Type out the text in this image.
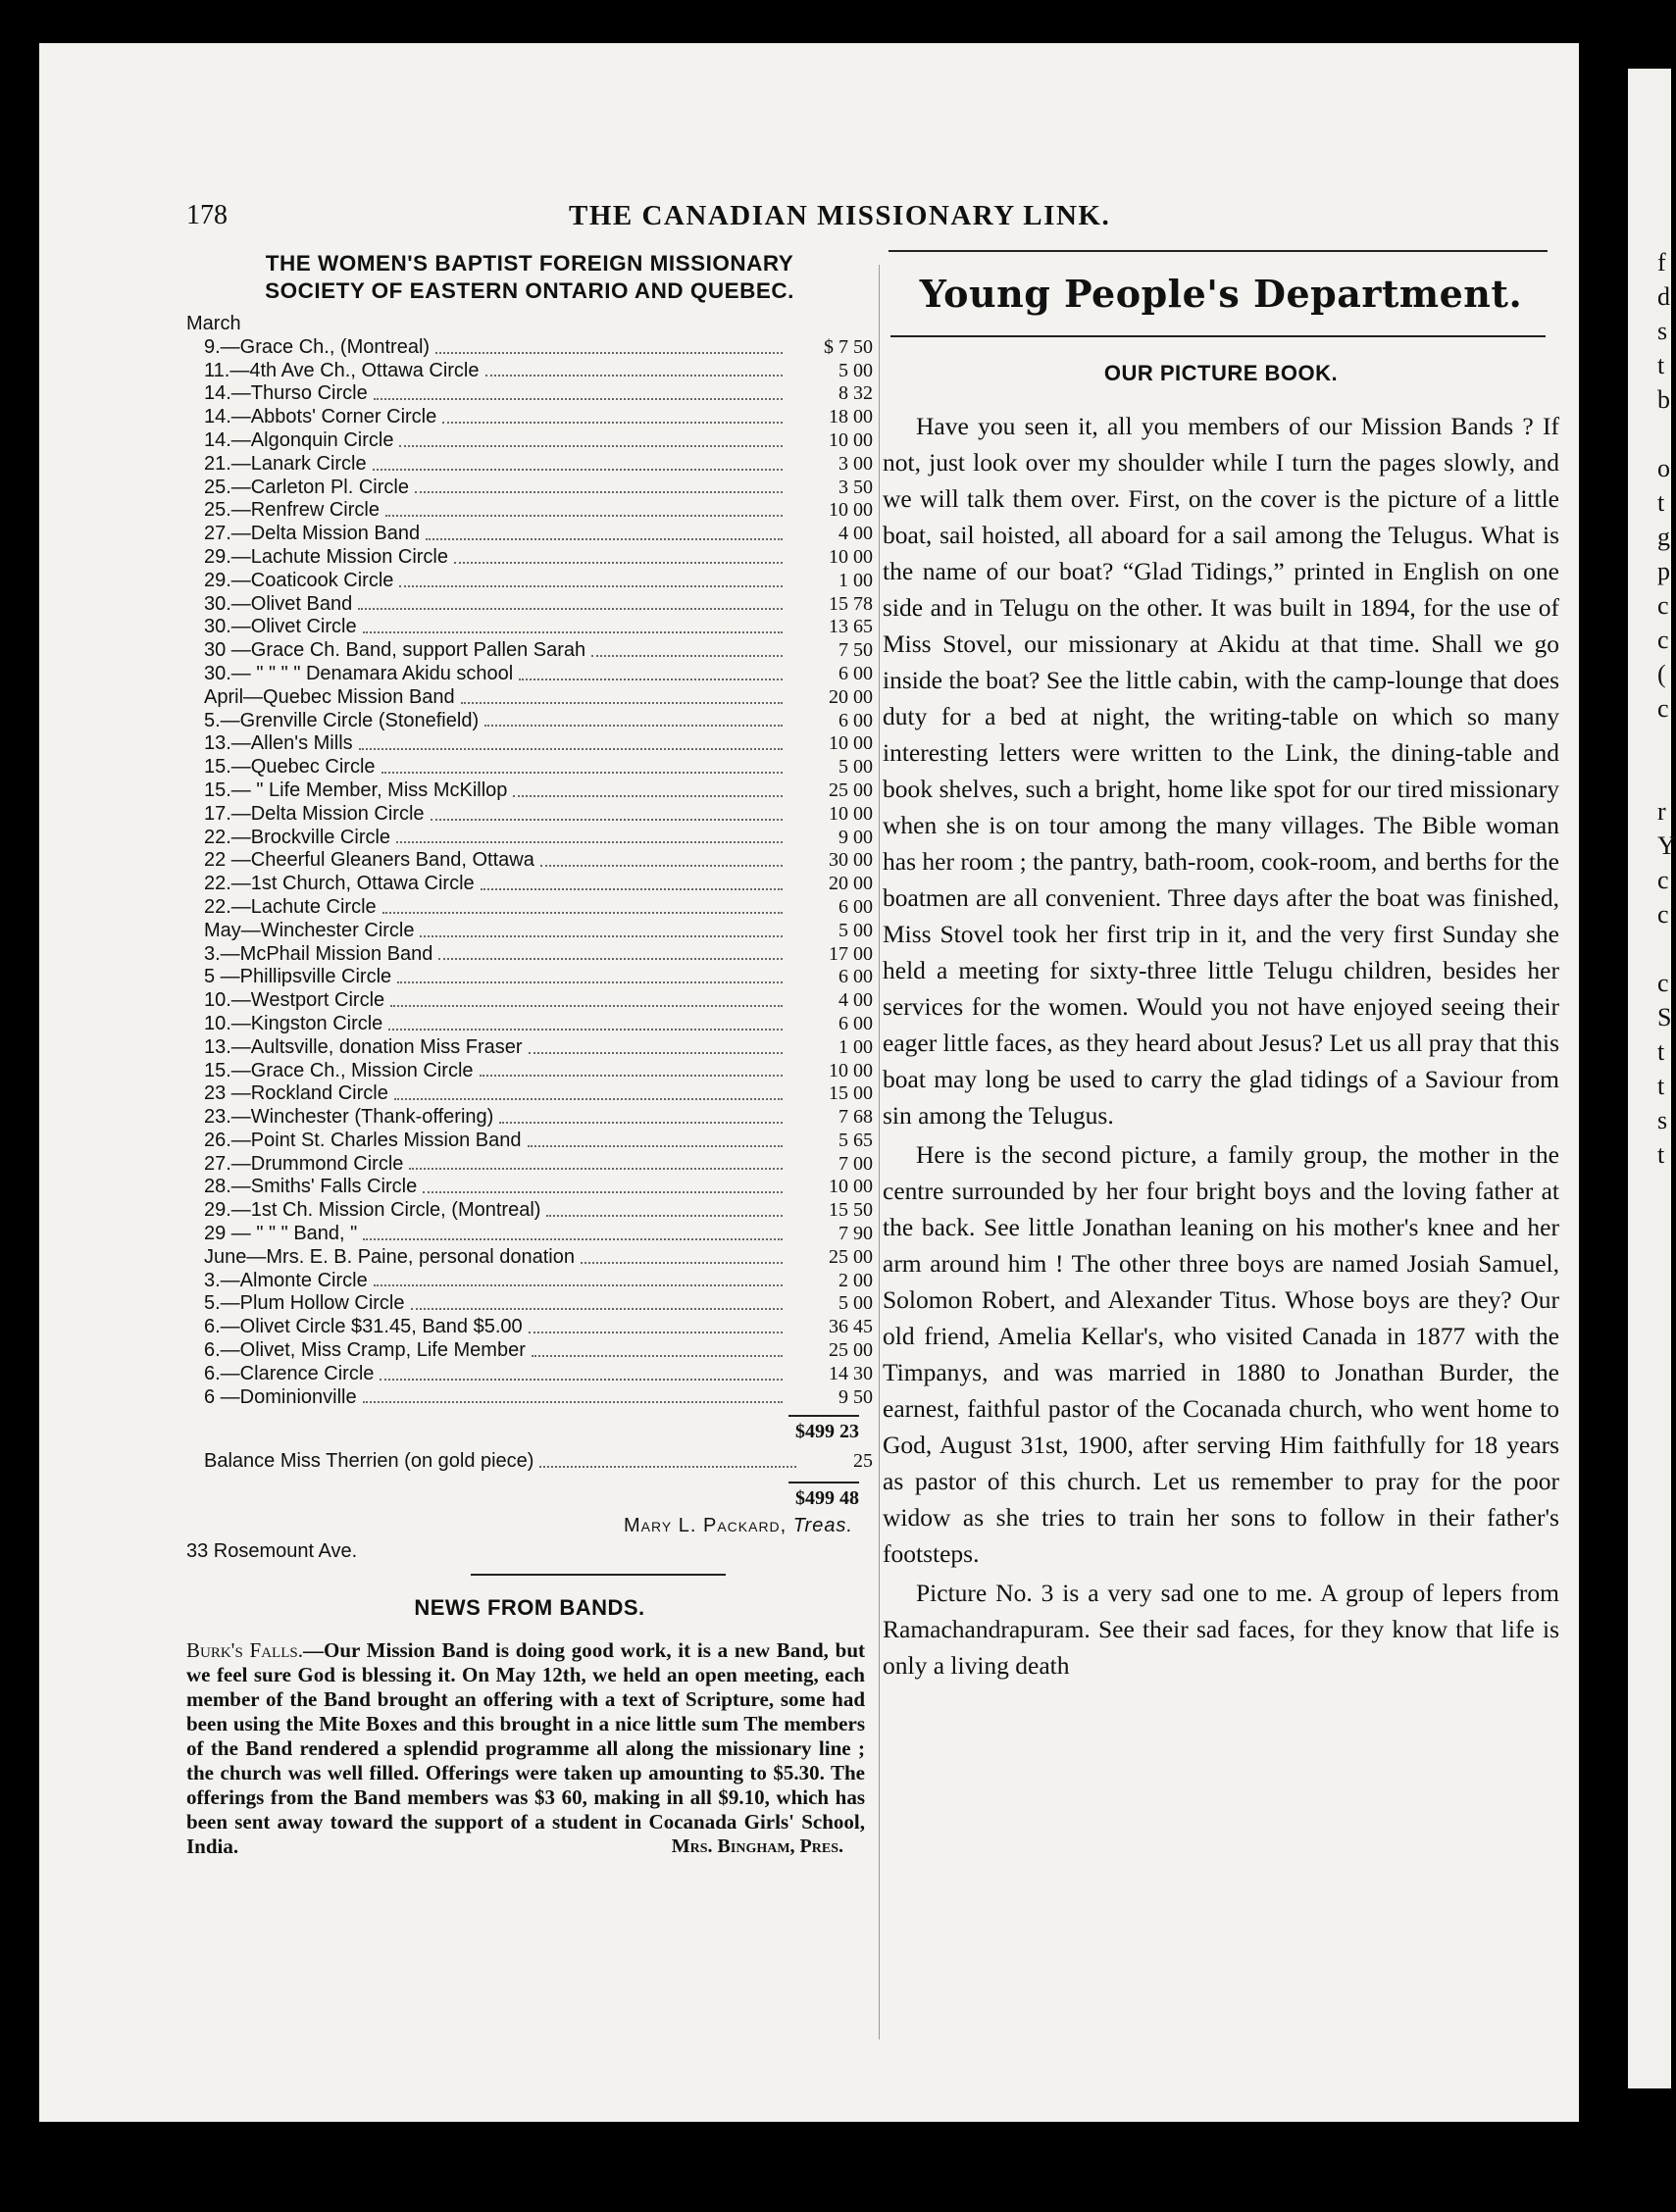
f
d
s
t
b
o
t
g
p
c
c
(
c
r
Y
c
c
c
S
t
t
s
t
178	THE CANADIAN MISSIONARY LINK.
THE WOMEN'S BAPTIST FOREIGN MISSIONARY
SOCIETY OF EASTERN ONTARIO AND QUEBEC.
March
9.—Grace Ch., (Montreal)	$ 7 50
11.—4th Ave Ch., Ottawa Circle	5 00
14.—Thurso Circle	8 32
14.—Abbots' Corner Circle	18 00
14.—Algonquin Circle	10 00
21.—Lanark Circle	3 00
25.—Carleton Pl. Circle	3 50
25.—Renfrew Circle	10 00
27.—Delta Mission Band	4 00
29.—Lachute Mission Circle	10 00
29.—Coaticook Circle	1 00
30.—Olivet Band	15 78
30.—Olivet Circle	13 65
30 —Grace Ch. Band, support Pallen Sarah	7 50
30.— " " " " Denamara Akidu school	6 00
April—Quebec Mission Band	20 00
5.—Grenville Circle (Stonefield)	6 00
13.—Allen's Mills	10 00
15.—Quebec Circle	5 00
15.— " Life Member, Miss McKillop	25 00
17.—Delta Mission Circle	10 00
22.—Brockville Circle	9 00
22 —Cheerful Gleaners Band, Ottawa	30 00
22.—1st Church, Ottawa Circle	20 00
22.—Lachute Circle	6 00
May—Winchester Circle	5 00
3.—McPhail Mission Band	17 00
5 —Phillipsville Circle	6 00
10.—Westport Circle	4 00
10.—Kingston Circle	6 00
13.—Aultsville, donation Miss Fraser	1 00
15.—Grace Ch., Mission Circle	10 00
23 —Rockland Circle	15 00
23.—Winchester (Thank-offering)	7 68
26.—Point St. Charles Mission Band	5 65
27.—Drummond Circle	7 00
28.—Smiths' Falls Circle	10 00
29.—1st Ch. Mission Circle, (Montreal)	15 50
29 — " " " Band, "	7 90
June—Mrs. E. B. Paine, personal donation	25 00
3.—Almonte Circle	2 00
5.—Plum Hollow Circle	5 00
6.—Olivet Circle $31.45, Band $5.00	36 45
6.—Olivet, Miss Cramp, Life Member	25 00
6.—Clarence Circle	14 30
6 —Dominionville	9 50
$499 23
Balance Miss Therrien (on gold piece)	25
$499 48
Mary L. Packard, Treas.
33 Rosemount Ave.
NEWS FROM BANDS.
Burk's Falls.—Our Mission Band is doing good work, it is a new Band, but we feel sure God is blessing it. On May 12th, we held an open meeting, each member of the Band brought an offering with a text of Scripture, some had been using the Mite Boxes and this brought in a nice little sum The members of the Band rendered a splendid programme all along the missionary line ; the church was well filled. Offerings were taken up amounting to $5.30. The offerings from the Band members was $3 60, making in all $9.10, which has been sent away toward the support of a student in Cocanada Girls' School, India.	Mrs. Bingham, Pres.
Young People's Department.
OUR PICTURE BOOK.

Have you seen it, all you members of our Mission Bands ? If not, just look over my shoulder while I turn the pages slowly, and we will talk them over. First, on the cover is the picture of a little boat, sail hoisted, all aboard for a sail among the Telugus. What is the name of our boat? “Glad Tidings,” printed in English on one side and in Telugu on the other. It was built in 1894, for the use of Miss Stovel, our missionary at Akidu at that time. Shall we go inside the boat? See the little cabin, with the camp-lounge that does duty for a bed at night, the writing-table on which so many interesting letters were written to the Link, the dining-table and book shelves, such a bright, home like spot for our tired missionary when she is on tour among the many villages. The Bible woman has her room ; the pantry, bath-room, cook-room, and berths for the boatmen are all convenient. Three days after the boat was finished, Miss Stovel took her first trip in it, and the very first Sunday she held a meeting for sixty-three little Telugu children, besides her services for the women. Would you not have enjoyed seeing their eager little faces, as they heard about Jesus? Let us all pray that this boat may long be used to carry the glad tidings of a Saviour from sin among the Telugus.

Here is the second picture, a family group, the mother in the centre surrounded by her four bright boys and the loving father at the back. See little Jonathan leaning on his mother's knee and her arm around him ! The other three boys are named Josiah Samuel, Solomon Robert, and Alexander Titus. Whose boys are they? Our old friend, Amelia Kellar's, who visited Canada in 1877 with the Timpanys, and was married in 1880 to Jonathan Burder, the earnest, faithful pastor of the Cocanada church, who went home to God, August 31st, 1900, after serving Him faithfully for 18 years as pastor of this church. Let us remember to pray for the poor widow as she tries to train her sons to follow in their father's footsteps.

Picture No. 3 is a very sad one to me. A group of lepers from Ramachandrapuram. See their sad faces, for they know that life is only a living death
